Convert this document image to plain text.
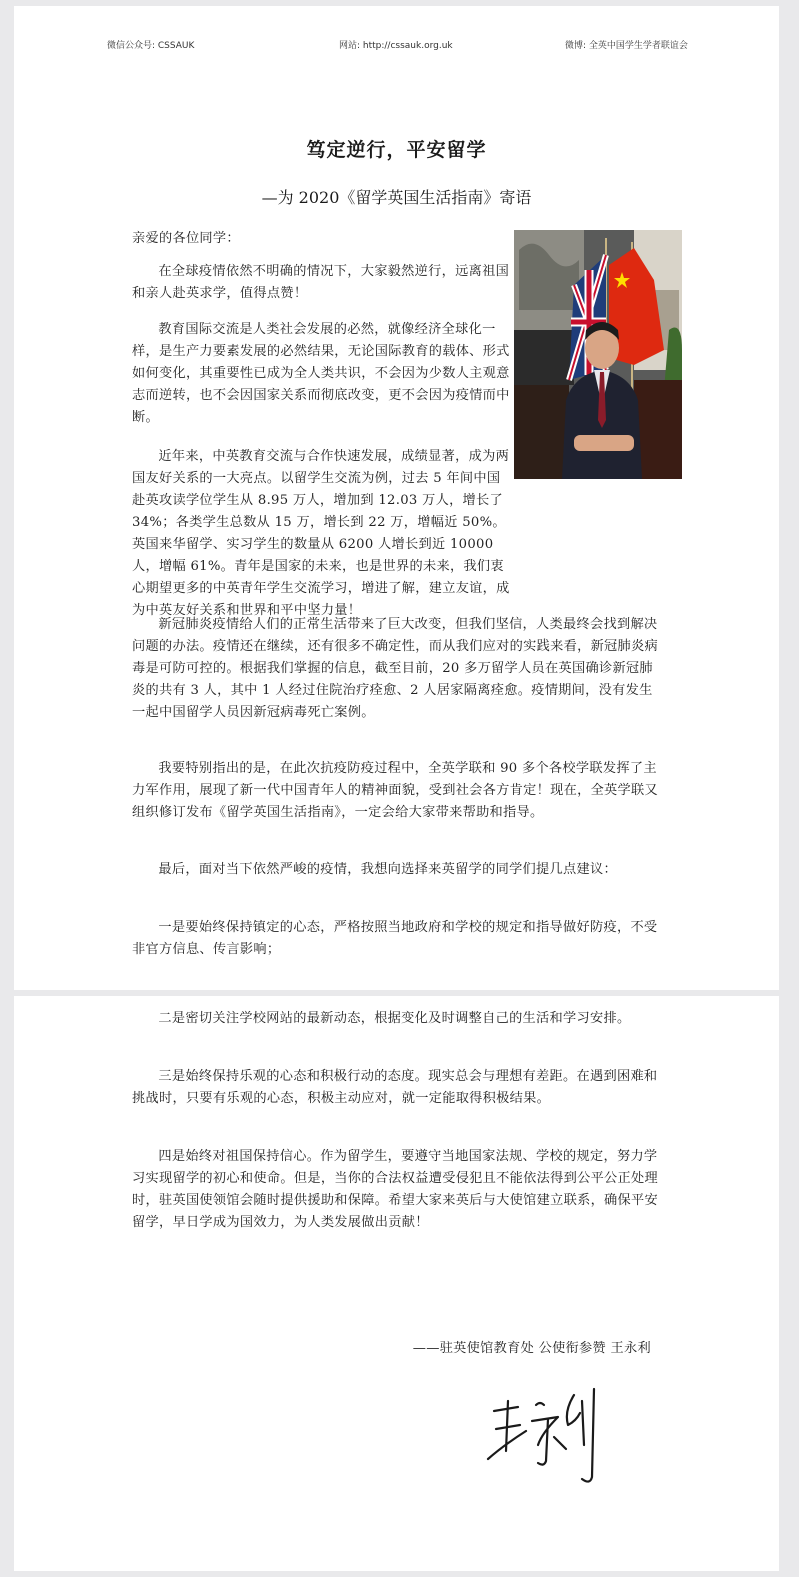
微信公众号: CSSAUK	网站: http://cssauk.org.uk	微博: 全英中国学生学者联谊会
笃定逆行，平安留学
—为 2020《留学英国生活指南》寄语
亲爱的各位同学：

在全球疫情依然不明确的情况下，大家毅然逆行，远离祖国和亲人赴英求学，值得点赞！

教育国际交流是人类社会发展的必然，就像经济全球化一样，是生产力要素发展的必然结果，无论国际教育的载体、形式如何变化，其重要性已成为全人类共识，不会因为少数人主观意志而逆转，也不会因国家关系而彻底改变，更不会因为疫情而中断。

近年来，中英教育交流与合作快速发展，成绩显著，成为两国友好关系的一大亮点。以留学生交流为例，过去 5 年间中国赴英攻读学位学生从 8.95 万人，增加到 12.03 万人，增长了 34%；各类学生总数从 15 万，增长到 22 万，增幅近 50%。英国来华留学、实习学生的数量从 6200 人增长到近 10000 人，增幅 61%。青年是国家的未来，也是世界的未来，我们衷心期望更多的中英青年学生交流学习，增进了解，建立友谊，成为中英友好关系和世界和平中坚力量！

新冠肺炎疫情给人们的正常生活带来了巨大改变，但我们坚信，人类最终会找到解决问题的办法。疫情还在继续，还有很多不确定性，而从我们应对的实践来看，新冠肺炎病毒是可防可控的。根据我们掌握的信息，截至目前，20 多万留学人员在英国确诊新冠肺炎的共有 3 人，其中 1 人经过住院治疗痊愈、2 人居家隔离痊愈。疫情期间，没有发生一起中国留学人员因新冠病毒死亡案例。

我要特别指出的是，在此次抗疫防疫过程中，全英学联和 90 多个各校学联发挥了主力军作用，展现了新一代中国青年人的精神面貌，受到社会各方肯定！现在，全英学联又组织修订发布《留学英国生活指南》，一定会给大家带来帮助和指导。

最后，面对当下依然严峻的疫情，我想向选择来英留学的同学们提几点建议：

一是要始终保持镇定的心态，严格按照当地政府和学校的规定和指导做好防疫，不受非官方信息、传言影响；

二是密切关注学校网站的最新动态，根据变化及时调整自己的生活和学习安排。

三是始终保持乐观的心态和积极行动的态度。现实总会与理想有差距。在遇到困难和挑战时，只要有乐观的心态，积极主动应对，就一定能取得积极结果。

四是始终对祖国保持信心。作为留学生，要遵守当地国家法规、学校的规定，努力学习实现留学的初心和使命。但是，当你的合法权益遭受侵犯且不能依法得到公平公正处理时，驻英国使领馆会随时提供援助和保障。希望大家来英后与大使馆建立联系，确保平安留学，早日学成为国效力，为人类发展做出贡献！

——驻英使馆教育处 公使衔参赞 王永利
